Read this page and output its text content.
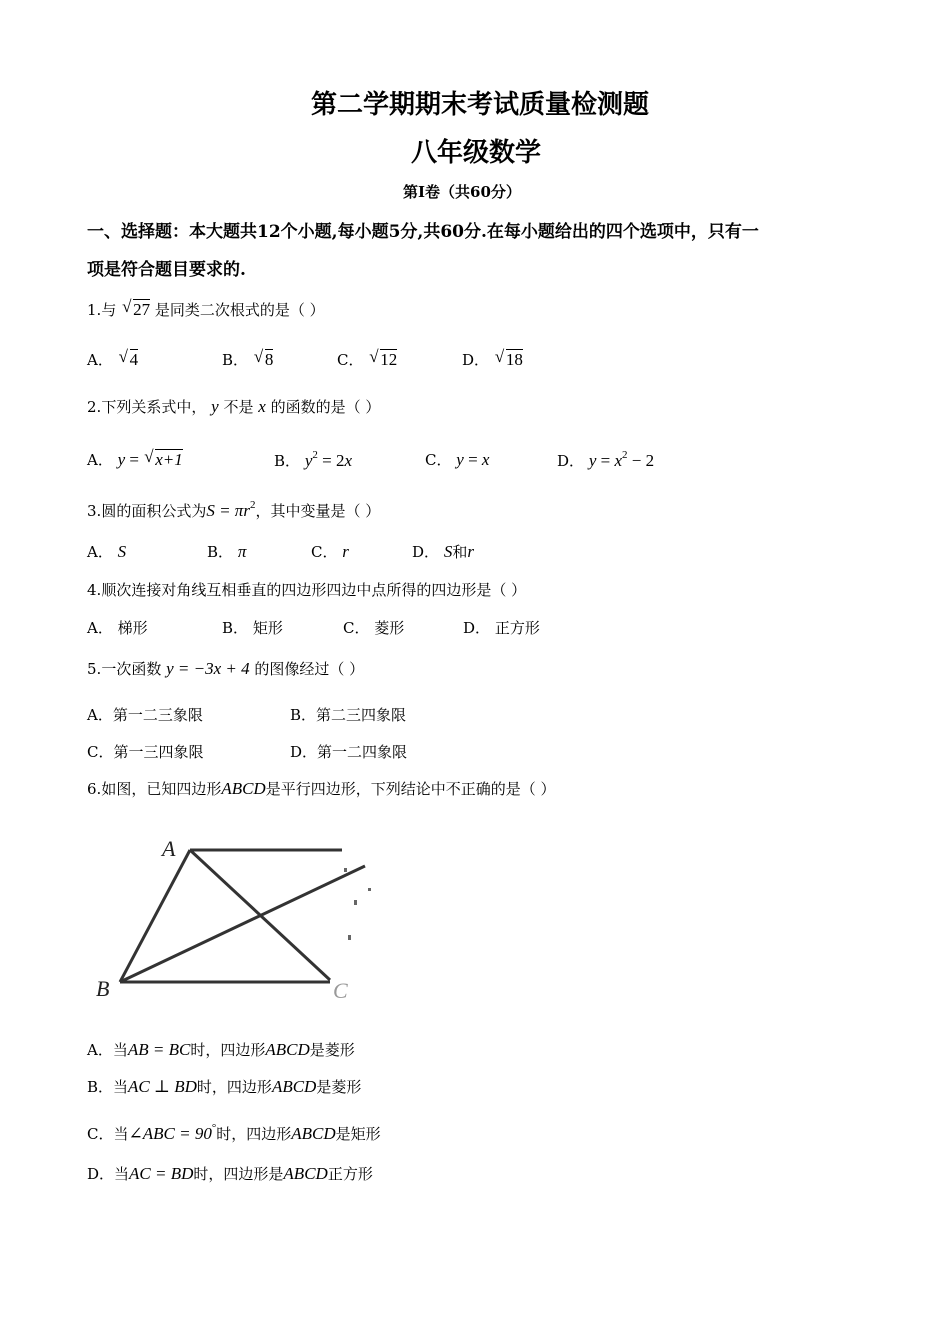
第二学期期末考试质量检测题
八年级数学
第Ⅰ卷（共60分）
一、选择题：本大题共12个小题,每小题5分,共60分.在每小题给出的四个选项中，只有一
项是符合题目要求的.
1.与 √ 27 是同类二次根式的是（ ）
A． √ 4	B． √ 8	C． √ 12	D． √ 18
2.下列关系式中， y 不是 x 的函数的是（ ）
A． y = √ x+1	B． $y^2 = 2x$	C． y = x	D． $y = x^2 - 2$
3.圆的面积公式为$S = \pi r^2$，其中变量是（ ）
A． S	B． π	C． r	D． S和r
4.顺次连接对角线互相垂直的四边形四边中点所得的四边形是（ ）
A． 梯形	B． 矩形	C． 菱形	D． 正方形
5.一次函数 y = −3x + 4 的图像经过（ ）
A．第一二三象限	B．第二三四象限
C．第一三四象限	D．第一二四象限
6.如图，已知四边形ABCD是平行四边形，下列结论中不正确的是（ ）
A
B	C
A．当AB = BC时，四边形ABCD是菱形
B．当AC ⊥ BD时，四边形ABCD是菱形
C．当∠ABC = 90°时，四边形ABCD是矩形
D．当AC = BD时，四边形是ABCD正方形
